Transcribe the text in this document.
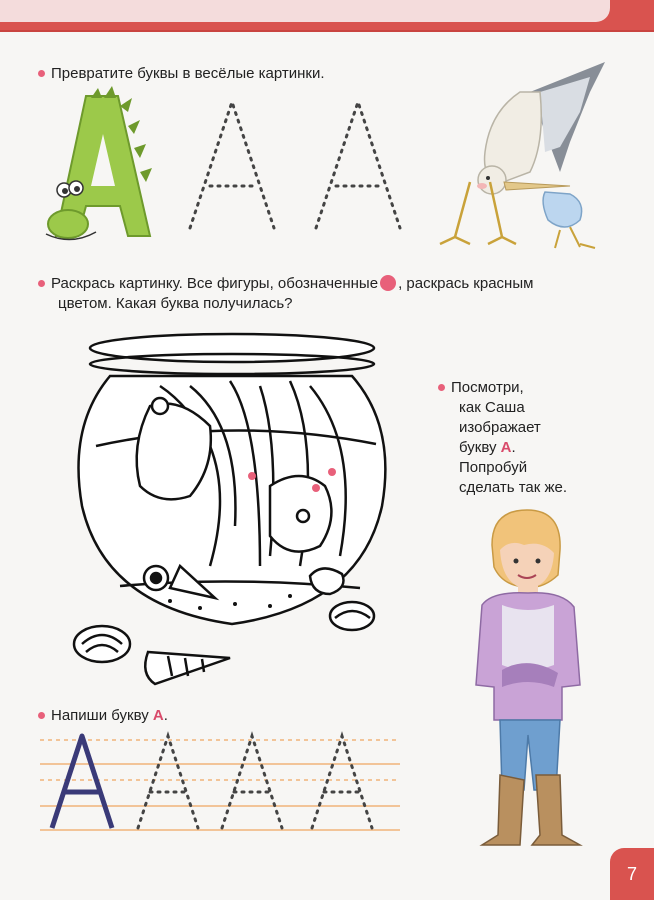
Превратите буквы в весёлые картинки.
Раскрась картинку. Все фигуры, обозначенные , раскрась красным
цветом. Какая буква получилась?
Посмотри,
как Саша
изображает
букву А.
Попробуй
сделать так же.
Напиши букву А.
7
